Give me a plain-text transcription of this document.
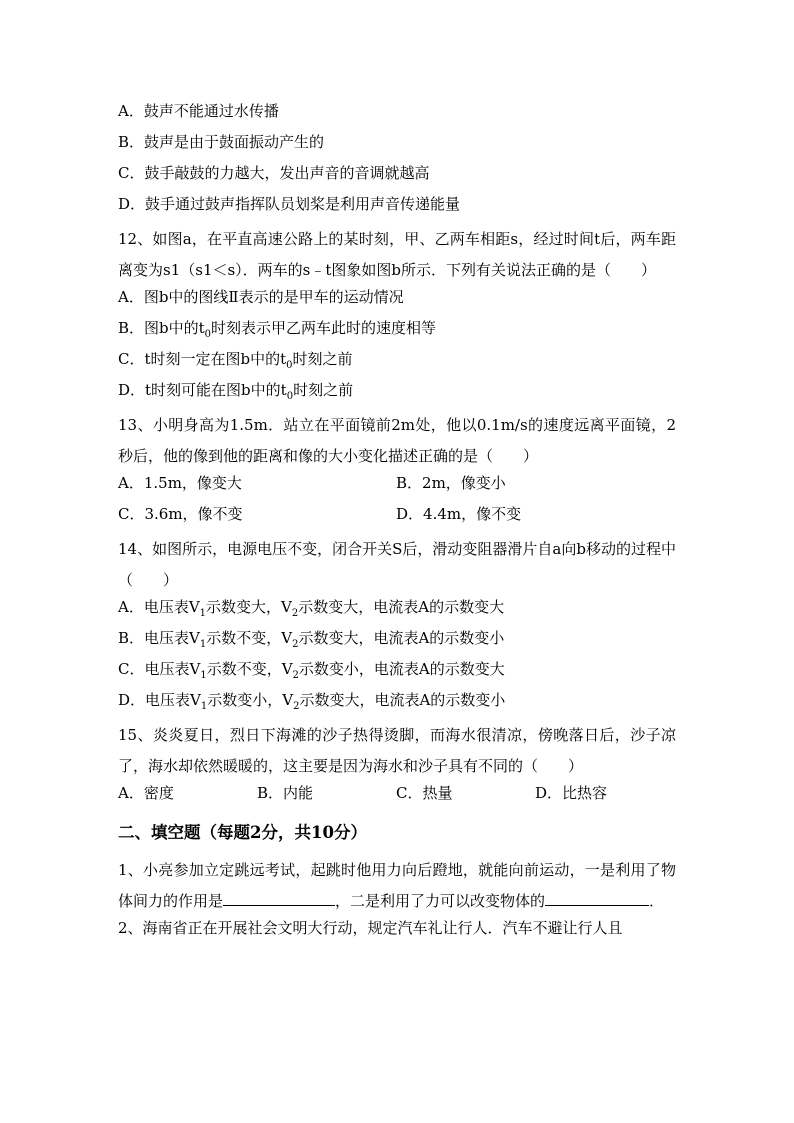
A．鼓声不能通过水传播
B．鼓声是由于鼓面振动产生的
C．鼓手敲鼓的力越大，发出声音的音调就越高
D．鼓手通过鼓声指挥队员划桨是利用声音传递能量
12、如图a，在平直高速公路上的某时刻，甲、乙两车相距s，经过时间t后，两车距离变为s1（s1＜s）．两车的s﹣t图象如图b所示．下列有关说法正确的是（　　）
A．图b中的图线Ⅱ表示的是甲车的运动情况
B．图b中的$t_0$时刻表示甲乙两车此时的速度相等
C．t时刻一定在图b中的$t_0$时刻之前
D．t时刻可能在图b中的$t_0$时刻之前
13、小明身高为1.5m．站立在平面镜前2m处，他以0.1m/s的速度远离平面镜，2秒后，他的像到他的距离和像的大小变化描述正确的是（　　）
A．1.5m，像变大	B．2m，像变小
C．3.6m，像不变	D．4.4m，像不变
14、如图所示，电源电压不变，闭合开关S后，滑动变阻器滑片自a向b移动的过程中（　　）
A．电压表$V_1$示数变大，$V_2$示数变大，电流表A的示数变大
B．电压表$V_1$示数不变，$V_2$示数变大，电流表A的示数变小
C．电压表$V_1$示数不变，$V_2$示数变小，电流表A的示数变大
D．电压表$V_1$示数变小，$V_2$示数变大，电流表A的示数变小
15、炎炎夏日，烈日下海滩的沙子热得烫脚，而海水很清凉，傍晚落日后，沙子凉了，海水却依然暖暖的，这主要是因为海水和沙子具有不同的（　　）
A．密度	B．内能	C．热量	D．比热容
二、填空题（每题2分，共10分）
1、小亮参加立定跳远考试，起跳时他用力向后蹬地，就能向前运动，一是利用了物体间力的作用是	，二是利用了力可以改变物体的	．
2、海南省正在开展社会文明大行动，规定汽车礼让行人．汽车不避让行人且
